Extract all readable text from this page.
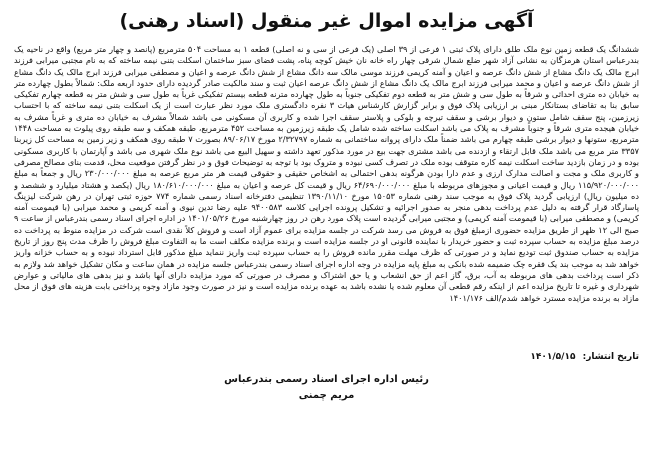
آگهی مزایده اموال غیر منقول (اسناد رهنی)

ششدانگ یک قطعه زمین نوع ملک طلق دارای پلاک ثبتی ۱ فرعی از ۳۹ اصلی (یک فرعی از سی و نه اصلی) قطعه ۱ به مساحت ۵۰۴ مترمربع (پانصد و چهار متر مربع) واقع در ناحیه یک بندرعباس استان هرمزگان به نشانی آزاد شهر ضلع شمال شرقی چهار راه خانه نان خیش کوچه پناه، پشت فضای سبز ساختمان اسکلت بتنی نیمه ساخته که به نام مجتبی میرابی فرزند ابرج مالک یک دانگ مشاع از شش دانگ عرصه و اعیان و آمنه کریمی فرزند موسی مالک سه دانگ مشاع از شش دانگ عرصه و اعیان و مصطفی میرابی فرزند ابرج مالک یک دانگ مشاع از شش دانگ عرصه و اعیان و محمد میرابی فرزند ابرج مالک یک دانگ مشاع از شش دانگ عرصه اعیان ثبت و سند مالکیت صادر گردیده دارای حدود اربعه ملک: شمالاً بطول چهارده متر به خیابان ده متری احداثی و شرقاً به طول سی و شش متر به قطعه دوم تفکیکی جنوباً به طول چهارده مترنه قطعه بیستم تفکیکی غرباً به طول سی و شش متر به قطعه چهارم تفکیکی سابق بنا به تقاضای بستانکار مبنی بر ارزیابی پلاک فوق و برابر گزارش کارشناس هیات ۳ نفره دادگستری ملک مورد نظر عبارت است از یک اسکلت بتنی نیمه ساخته که با احتساب زیرزمین، پنج سقف شامل ستون و دیوار برشی و سقف تیرچه و بلوکی و پلاستر سقف اجرا شده و کاربری آن مسکونی می باشد شمالاً مشرف به خیابان ده متری و غرباً مشرف به خیابان هیجده متری شرقاً و جنوباً مشرف به پلاک می باشد اسکلت ساخته شده شامل یک طبقه زیرزمین به مساحت ۴۵۲ مترمربع، طبقه همکف و سه طبقه روی پیلوت به مساحت ۱۴۴۸ مترمربع، ستونها و دیوار برشی طبقه چهارم می باشد ضمناً ملک دارای پروانه ساختمانی به شماره ۲/۳۲۷۹۷ مورخ ۸۹/۰۶/۱۷ بصورت ۷ طبقه روی همکف و زیر زمین به مساحت کل زیربنا ۳۳۵۷ متر مربع می باشد ملک قابل ارتقاء و ازدنده می باشد مشتری جهت بیع در مورد مذکور تعهد داشته و سهیل البیع می باشد نوع ملک شهری می باشد و آپارتمان با کاربری مسکونی بوده و در زمان بازدید ساخت اسکلت نیمه کاره متوقف بوده ملک در تصرف کسی نبوده و متروک بود با توجه به توضیحات فوق و در نظر گرفتن موقعیت محل، قدمت بنای مصالح مصرفی و کاربری ملک و مجت و اصالت مدارک ارزی و عدم دارا بودن هرگونه بدهی احتمالی به اشخاص حقیقی و حقوقی قیمت هر متر مربع عرصه به مبلغ ۲۳۰/۰۰۰/۰۰۰ ریال و جمعاً به مبلغ ۱۱۵/۹۲۰/۰۰۰/۰۰۰ ریال و قیمت اعیانی و مجوزهای مربوطه با مبلغ ۶۴/۶۹۰/۰۰۰/۰۰۰ ریال و قیمت کل عرصه و اعیان به مبلغ ۱۸۰/۶۱۰/۰۰۰/۰۰۰ ریال (یکصد و هشتاد میلیارد و ششصد و ده میلیون ریال) ارزیابی گردید پلاک فوق به موجب سند رهنی شماره ۱۵۰۵۳ مورخ ۱۳۹۰/۱۱/۱۰ تنظیمی دفترخانه اسناد رسمی شماره ۷۷۴ حوزه ثبتی تهران در رهن شرکت لیزینگ پاسارگاد قرار گرفته به دلیل عدم پرداخت بدهی منجر به صدور اجرائیه و تشکیل پرونده اجرایی کلاسه ۹۴۰۰۵۸۳ علیه رضا تدین نیوی و آمنه کریمی و محمد میرابی (با قیمومت آمنه کریمی) و مصطفی میرابی (با قیمومت آمنه کریمی) و مجتبی میرابی گردیده است پلاک مورد رهن در روز چهارشنبه مورخ ۱۴۰۱/۰۵/۲۶ در اداره اجرای اسناد رسمی بندرعباس از ساعت ۹ صبح الی ۱۲ ظهر از طریق مزایده حضوری ازمبلغ فوق به فروش می رسد شرکت در جلسه مزایده برای عموم آزاد است و فروش کلاً نقدی است شرکت در مزایده منوط به پرداخت ده درصد مبلغ مزایده به حساب سپرده ثبت و حضور خریدار با نماینده قانونی او در جلسه مزایده است و برنده مزایده مکلف است ما به التفاوت مبلغ فروش را ظرف مدت پنج روز از تاریخ مزایده به حساب صندوق ثبت تودیع نماید و در صورتی که ظرف مهلت مقرر مانده فروش را به حساب سپرده ثبت واریز ننماید مبلغ مذکور قابل استرداد نبوده و به حساب خزانه واریز خواهد شد به موجب بند یک فقره چک ضمیمه شده بانکی به مبلغ پایه مزایده در وجه اداره اجرای اسناد رسمی بندرعباس جلسه مزایده در همان ساعت و مکان تشکیل خواهد شد ولازم به ذکر است پرداخت بدهی های مربوطه به آب، برق، گاز اعم از حق انشعاب و یا حق اشتراک و مصرف در صورتی که مورد مزایده دارای آنها باشد و نیز بدهی های مالیاتی و عوارض شهرداری و غیره تا تاریخ مزایده اعم از اینکه رقم قطعی آن معلوم شده یا نشده باشد به عهده برنده مزایده است و نیز در صورت وجود مازاد وجوه پرداختی بابت هزینه های فوق از محل مازاد به برنده مزایده مسترد خواهد شدم/الف ۱۴۰۱/۱۷۶

تاریخ انتشار: ۱۴۰۱/۵/۱۵
رئیس اداره اجرای اسناد رسمی بندرعباس
مریم چمنی
